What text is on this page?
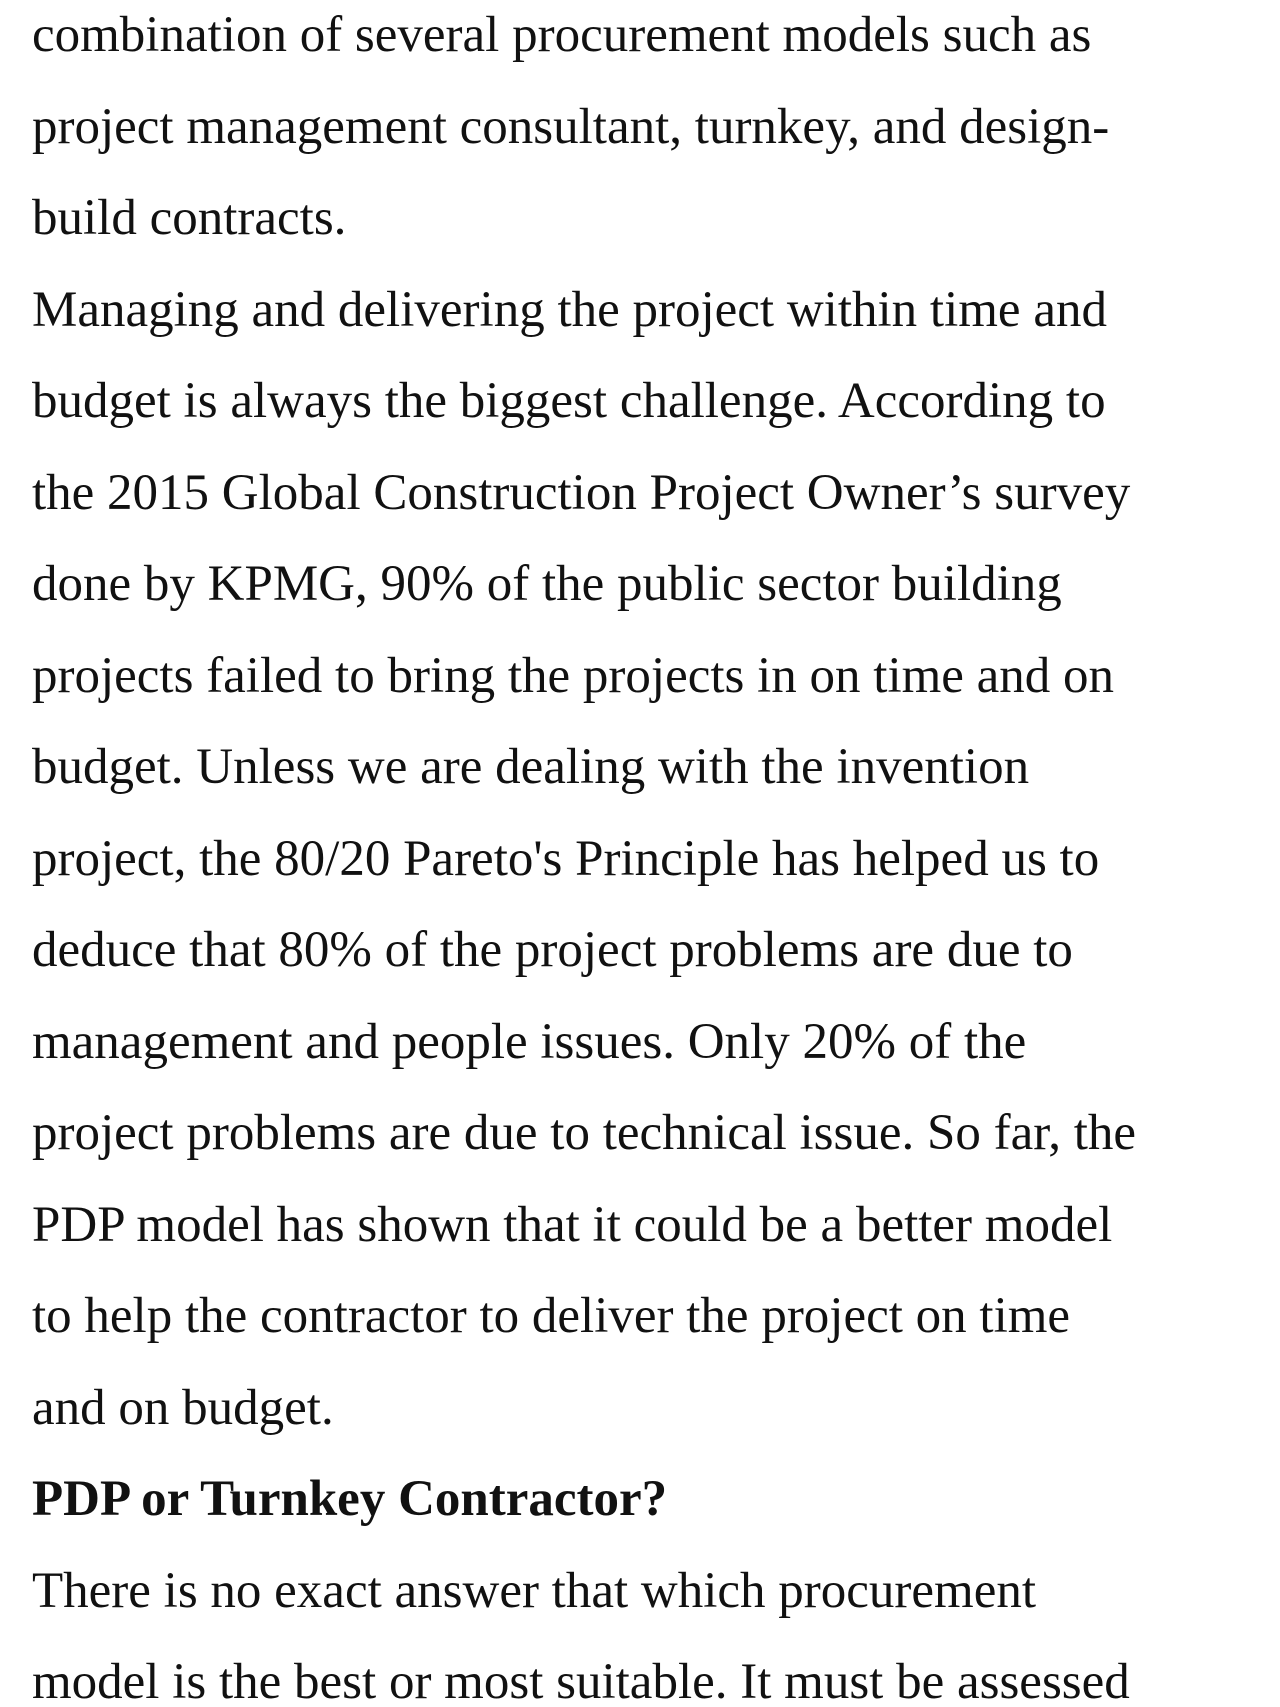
combination of several procurement models such as
project management consultant, turnkey, and design-
build contracts.
Managing and delivering the project within time and
budget is always the biggest challenge. According to
the 2015 Global Construction Project Owner’s survey
done by KPMG, 90% of the public sector building
projects failed to bring the projects in on time and on
budget. Unless we are dealing with the invention
project, the 80/20 Pareto's Principle has helped us to
deduce that 80% of the project problems are due to
management and people issues. Only 20% of the
project problems are due to technical issue. So far, the
PDP model has shown that it could be a better model
to help the contractor to deliver the project on time
and on budget.
PDP or Turnkey Contractor?
There is no exact answer that which procurement
model is the best or most suitable. It must be assessed
